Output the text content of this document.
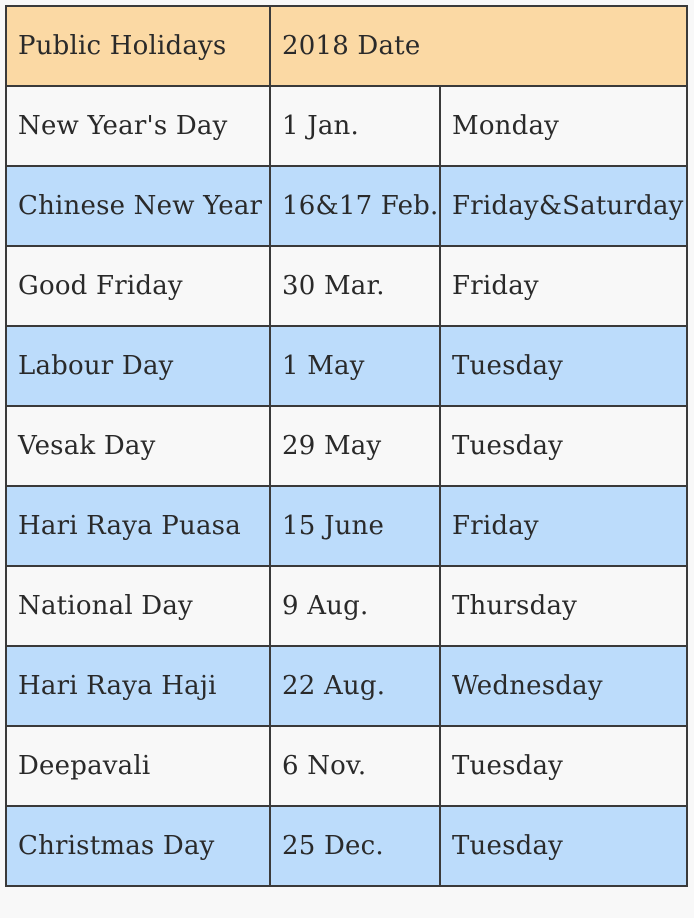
Public Holidays	2018 Date	
New Year's Day	1 Jan.	Monday
Chinese New Year	16&17 Feb.	Friday&Saturday
Good Friday	30 Mar.	Friday
Labour Day	1 May	Tuesday
Vesak Day	29 May	Tuesday
Hari Raya Puasa	15 June	Friday
National Day	9 Aug.	Thursday
Hari Raya Haji	22 Aug.	Wednesday
Deepavali	6 Nov.	Tuesday
Christmas Day	25 Dec.	Tuesday
